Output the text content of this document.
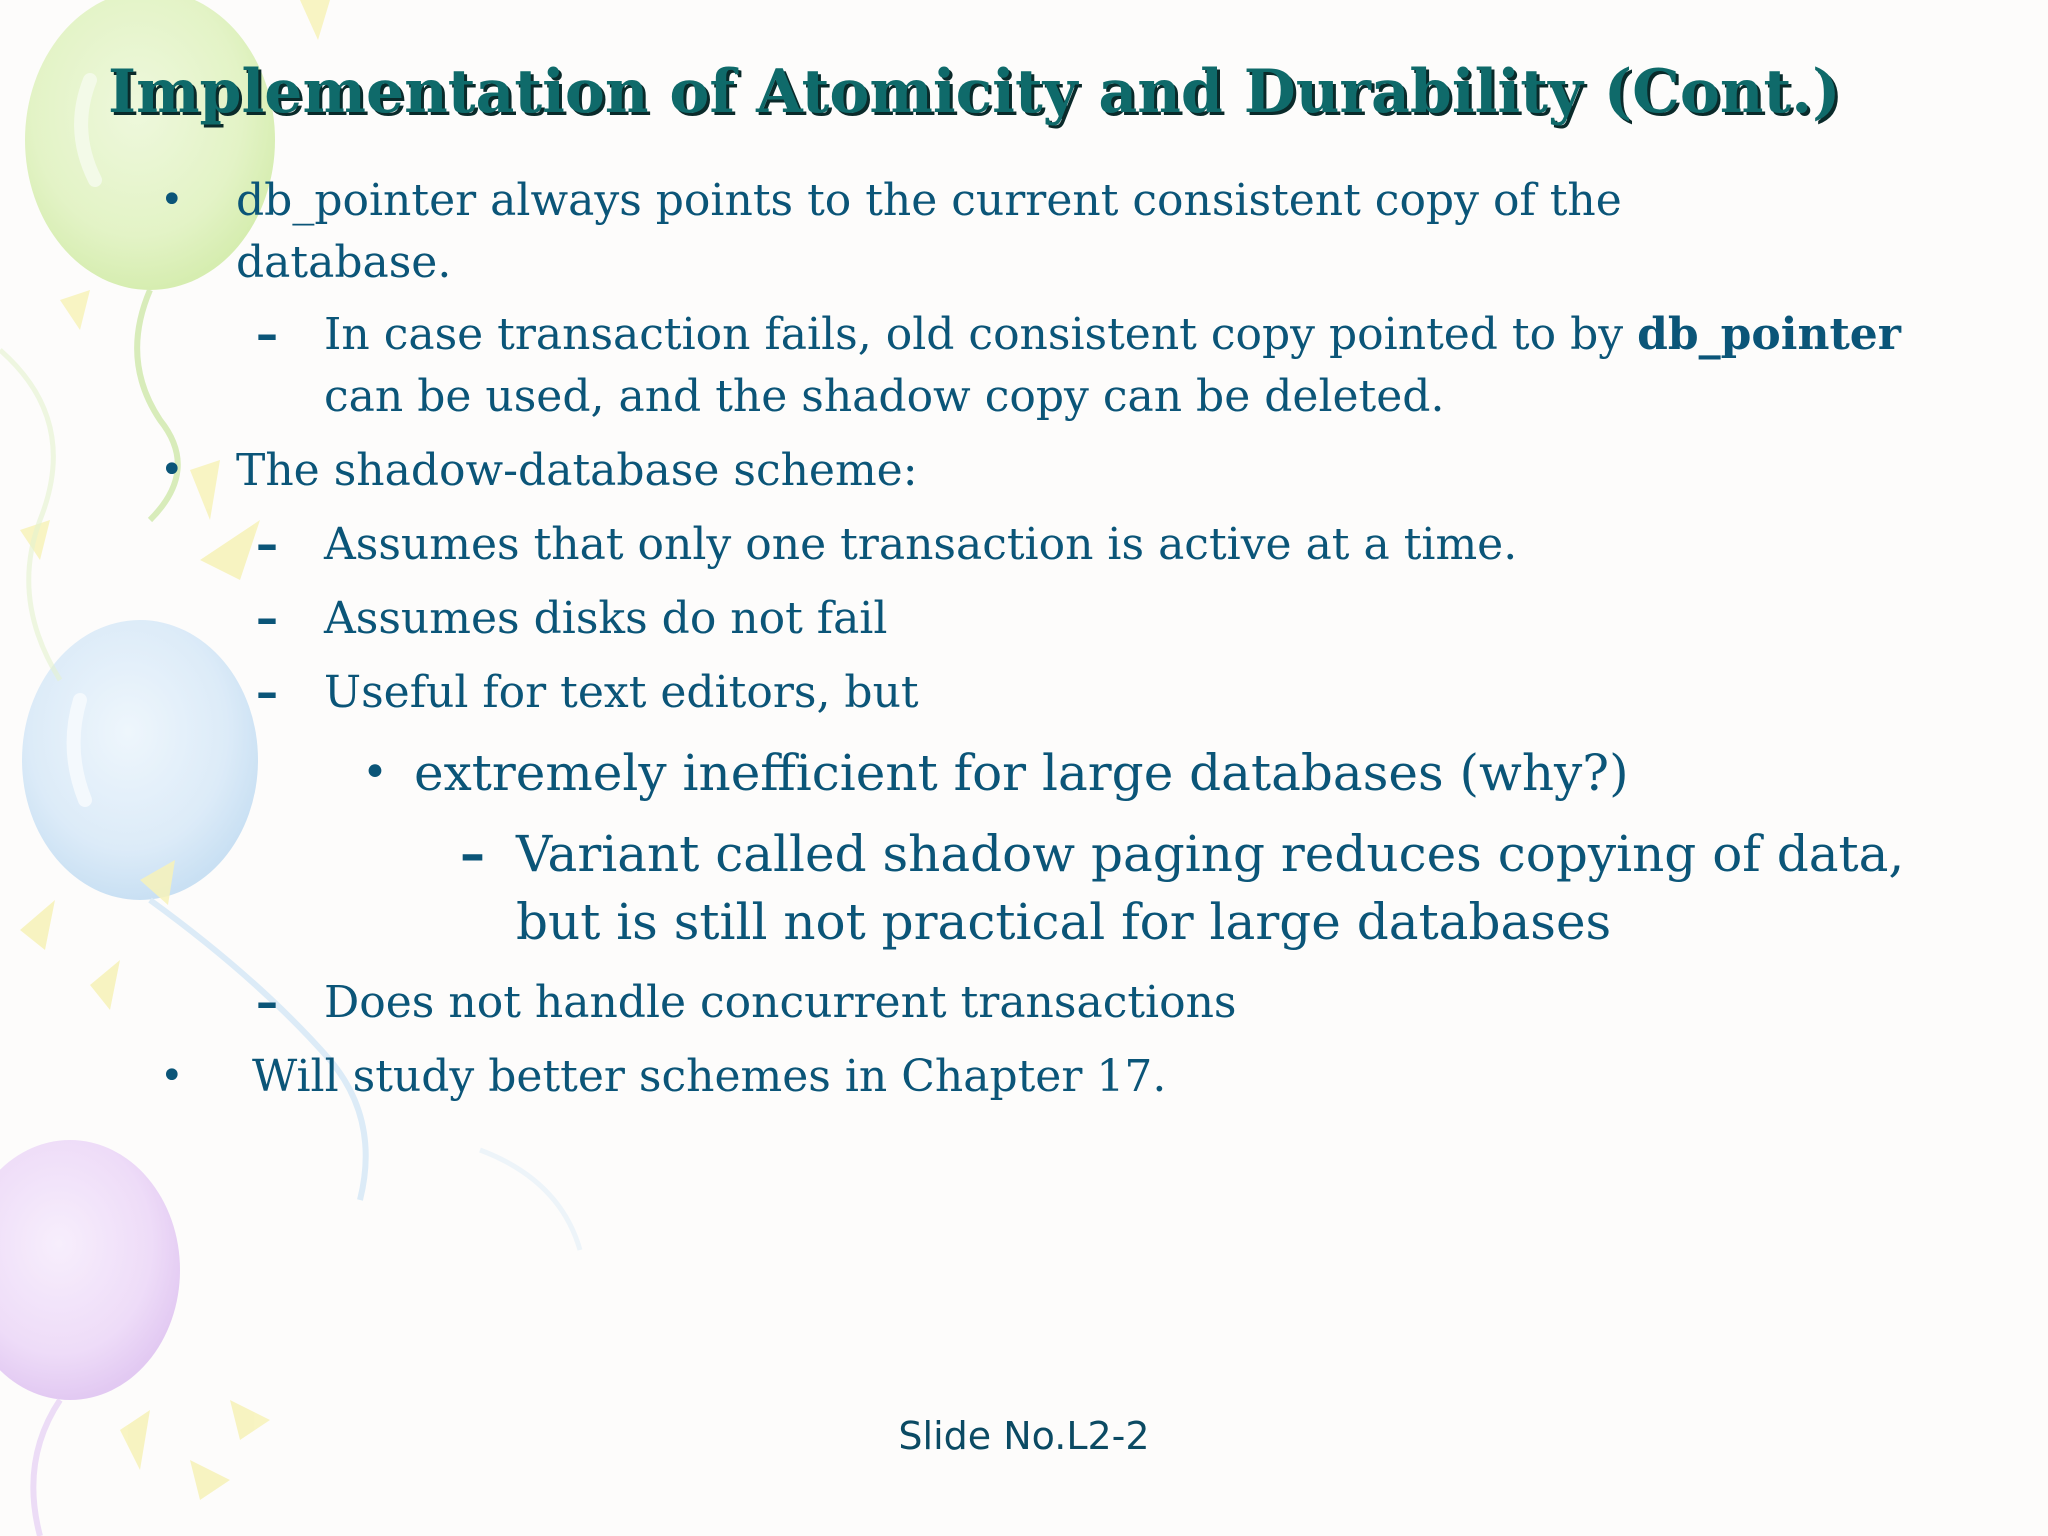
Implementation of Atomicity and Durability (Cont.)
• db_pointer always points to the current consistent copy of the database.
– In case transaction fails, old consistent copy pointed to by db_pointer can be used, and the shadow copy can be deleted.
• The shadow-database scheme:
– Assumes that only one transaction is active at a time.
– Assumes disks do not fail
– Useful for text editors, but
• extremely inefficient for large databases (why?)
– Variant called shadow paging reduces copying of data, but is still not practical for large databases
– Does not handle concurrent transactions
• Will study better schemes in Chapter 17.
Slide No.L2-2
